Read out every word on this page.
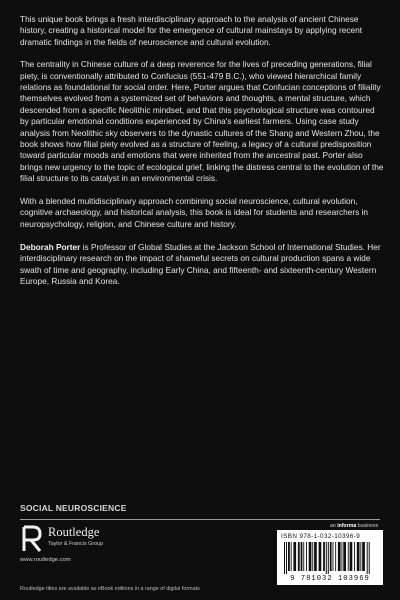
This unique book brings a fresh interdisciplinary approach to the analysis of ancient Chinese history, creating a historical model for the emergence of cultural mainstays by applying recent dramatic findings in the fields of neuroscience and cultural evolution.

The centrality in Chinese culture of a deep reverence for the lives of preceding generations, filial piety, is conventionally attributed to Confucius (551-479 B.C.), who viewed hierarchical family relations as foundational for social order. Here, Porter argues that Confucian conceptions of filiality themselves evolved from a systemized set of behaviors and thoughts, a mental structure, which descended from a specific Neolithic mindset, and that this psychological structure was contoured by particular emotional conditions experienced by China's earliest farmers. Using case study analysis from Neolithic sky observers to the dynastic cultures of the Shang and Western Zhou, the book shows how filial piety evolved as a structure of feeling, a legacy of a cultural predisposition toward particular moods and emotions that were inherited from the ancestral past. Porter also brings new urgency to the topic of ecological grief, linking the distress central to the evolution of the filial structure to its catalyst in an environmental crisis.

With a blended multidisciplinary approach combining social neuroscience, cultural evolution, cognitive archaeology, and historical analysis, this book is ideal for students and researchers in neuropsychology, religion, and Chinese culture and history.

Deborah Porter is Professor of Global Studies at the Jackson School of International Studies. Her interdisciplinary research on the impact of shameful secrets on cultural production spans a wide swath of time and geography, including Early China, and fifteenth- and sixteenth-century Western Europe, Russia and Korea.

SOCIAL NEUROSCIENCE
Routledge
Taylor & Francis Group
www.routledge.com
an informa business
ISBN 978-1-032-10396-9
9 781032 103969
Routledge titles are available as eBook editions in a range of digital formats
